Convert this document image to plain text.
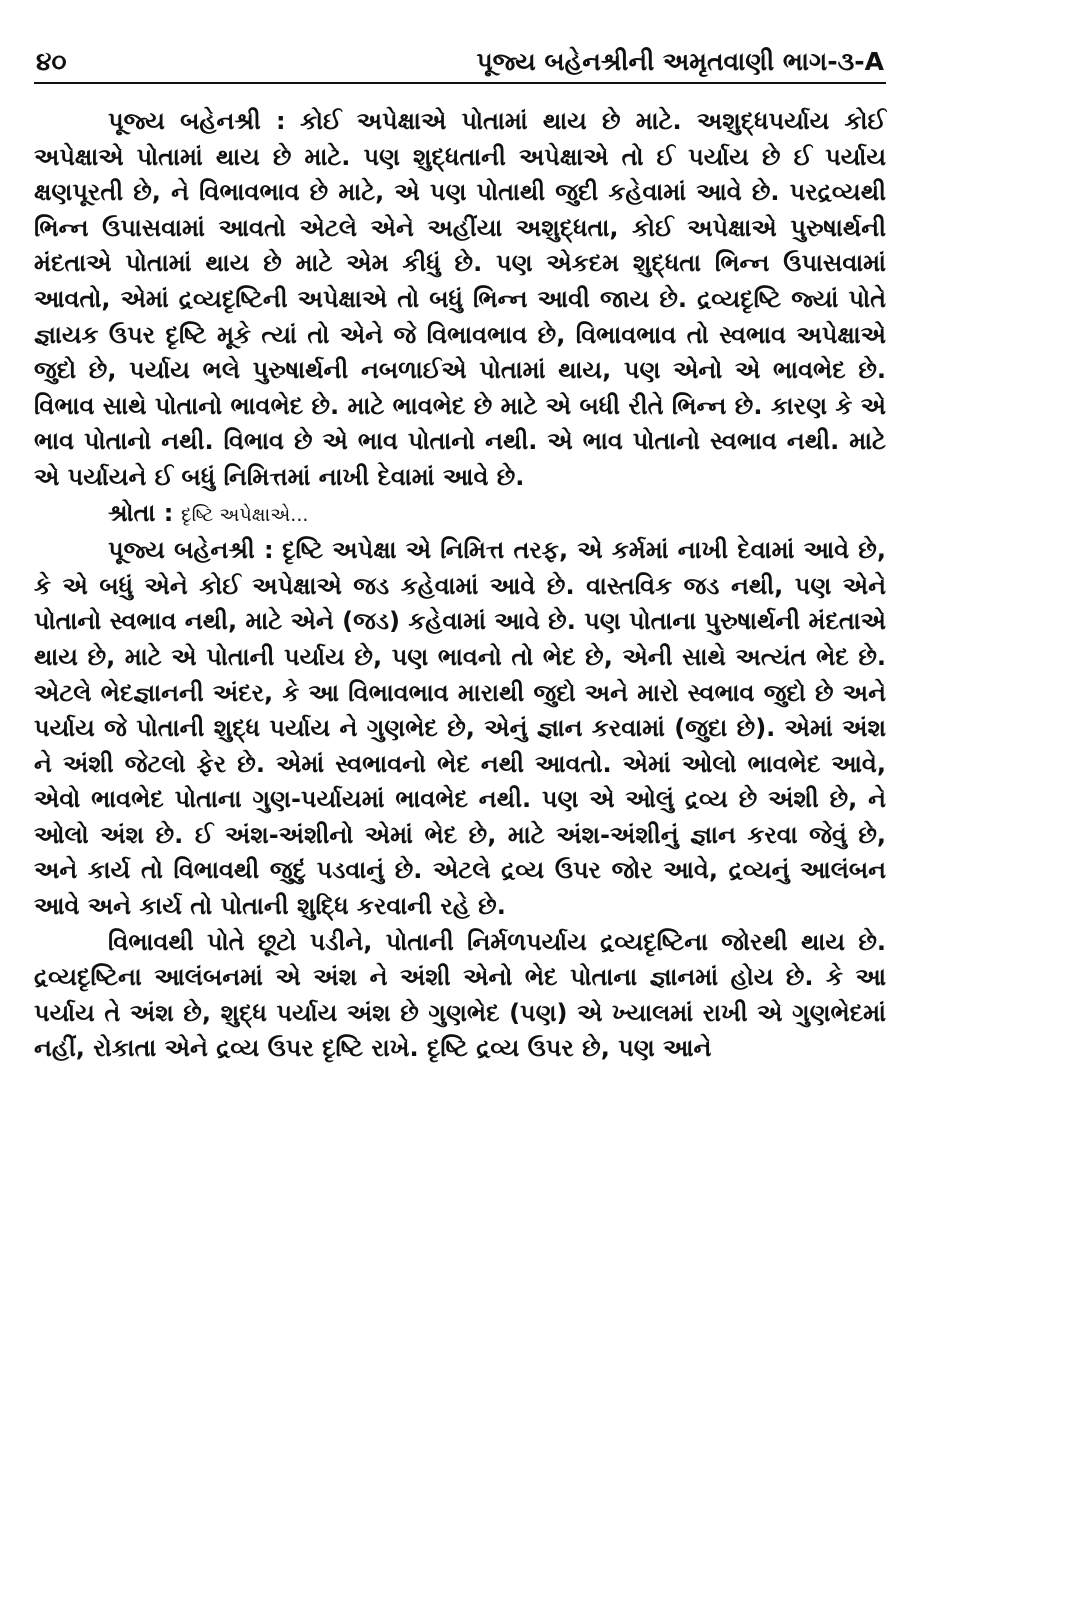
૪૦	પૂજ્ય બહેનશ્રીની અમૃતવાણી ભાગ-૩-A

પૂજ્ય બહેનશ્રી : કોઈ અપેક્ષાએ પોતામાં થાય છે માટે. અશુદ્ધપર્યાય કોઈ અપેક્ષાએ પોતામાં થાય છે માટે. પણ શુદ્ધતાની અપેક્ષાએ તો ઈ પર્યાય છે ઈ પર્યાય ક્ષણપૂરતી છે, ને વિભાવભાવ છે માટે, એ પણ પોતાથી જુદી કહેવામાં આવે છે. પરદ્રવ્યથી ભિન્ન ઉપાસવામાં આવતો એટલે એને અહીંયા અશુદ્ધતા, કોઈ અપેક્ષાએ પુરુષાર્થની મંદતાએ પોતામાં થાય છે માટે એમ કીધું છે. પણ એકદમ શુદ્ધતા ભિન્ન ઉપાસવામાં આવતો, એમાં દ્રવ્યદૃષ્ટિની અપેક્ષાએ તો બધું ભિન્ન આવી જાય છે. દ્રવ્યદૃષ્ટિ જ્યાં પોતે જ્ઞાયક ઉપર દૃષ્ટિ મૂકે ત્યાં તો એને જે વિભાવભાવ છે, વિભાવભાવ તો સ્વભાવ અપેક્ષાએ જુદો છે, પર્યાય ભલે પુરુષાર્થની નબળાઈએ પોતામાં થાય, પણ એનો એ ભાવભેદ છે. વિભાવ સાથે પોતાનો ભાવભેદ છે. માટે ભાવભેદ છે માટે એ બધી રીતે ભિન્ન છે. કારણ કે એ ભાવ પોતાનો નથી. વિભાવ છે એ ભાવ પોતાનો નથી. એ ભાવ પોતાનો સ્વભાવ નથી. માટે એ પર્યાયને ઈ બધું નિમિત્તમાં નાખી દેવામાં આવે છે.

શ્રોતા : દૃષ્ટિ અપેક્ષાએ...

પૂજ્ય બહેનશ્રી : દૃષ્ટિ અપેક્ષા એ નિમિત્ત તરફ, એ કર્મમાં નાખી દેવામાં આવે છે, કે એ બધું એને કોઈ અપેક્ષાએ જડ કહેવામાં આવે છે. વાસ્તવિક જડ નથી, પણ એને પોતાનો સ્વભાવ નથી, માટે એને (જડ) કહેવામાં આવે છે. પણ પોતાના પુરુષાર્થની મંદતાએ થાય છે, માટે એ પોતાની પર્યાય છે, પણ ભાવનો તો ભેદ છે, એની સાથે અત્યંત ભેદ છે. એટલે ભેદજ્ઞાનની અંદર, કે આ વિભાવભાવ મારાથી જુદો અને મારો સ્વભાવ જુદો છે અને પર્યાય જે પોતાની શુદ્ધ પર્યાય ને ગુણભેદ છે, એનું જ્ઞાન કરવામાં (જુદા છે). એમાં અંશ ને અંશી જેટલો ફેર છે. એમાં સ્વભાવનો ભેદ નથી આવતો. એમાં ઓલો ભાવભેદ આવે, એવો ભાવભેદ પોતાના ગુણ-પર્યાયમાં ભાવભેદ નથી. પણ એ ઓલું દ્રવ્ય છે અંશી છે, ને ઓલો અંશ છે. ઈ અંશ-અંશીનો એમાં ભેદ છે, માટે અંશ-અંશીનું જ્ઞાન કરવા જેવું છે, અને કાર્ય તો વિભાવથી જુદું પડવાનું છે. એટલે દ્રવ્ય ઉપર જોર આવે, દ્રવ્યનું આલંબન આવે અને કાર્ય તો પોતાની શુદ્ધિ કરવાની રહે છે.

વિભાવથી પોતે છૂટો પડીને, પોતાની નિર્મળપર્યાય દ્રવ્યદૃષ્ટિના જોરથી થાય છે. દ્રવ્યદૃષ્ટિના આલંબનમાં એ અંશ ને અંશી એનો ભેદ પોતાના જ્ઞાનમાં હોય છે. કે આ પર્યાય તે અંશ છે, શુદ્ધ પર્યાય અંશ છે ગુણભેદ (પણ) એ ખ્યાલમાં રાખી એ ગુણભેદમાં નહીં, રોકાતા એને દ્રવ્ય ઉપર દૃષ્ટિ રાખે. દૃષ્ટિ દ્રવ્ય ઉપર છે, પણ આને
